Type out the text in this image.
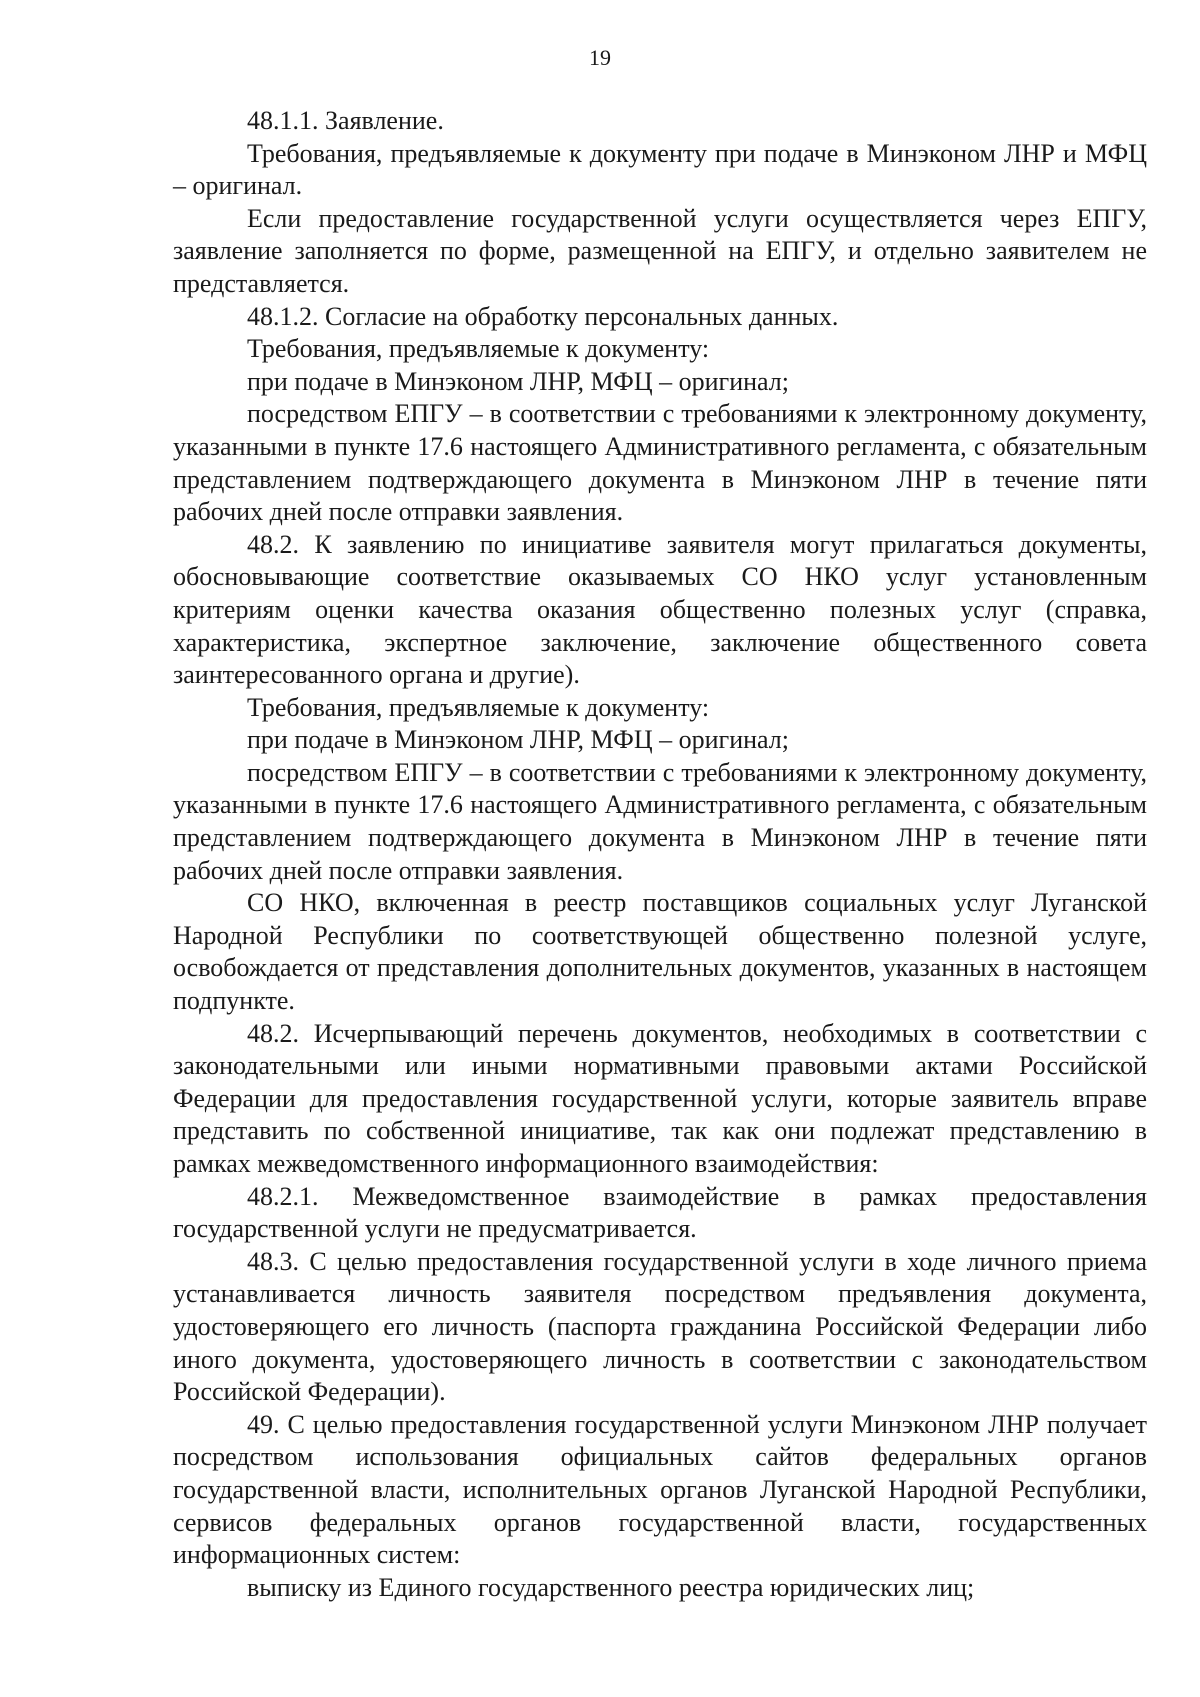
19

48.1.1. Заявление.

Требования, предъявляемые к документу при подаче в Минэконом ЛНР и МФЦ – оригинал.

Если предоставление государственной услуги осуществляется через ЕПГУ, заявление заполняется по форме, размещенной на ЕПГУ, и отдельно заявителем не представляется.

48.1.2. Согласие на обработку персональных данных.

Требования, предъявляемые к документу:

при подаче в Минэконом ЛНР, МФЦ – оригинал;

посредством ЕПГУ – в соответствии с требованиями к электронному документу, указанными в пункте 17.6 настоящего Административного регламента, с обязательным представлением подтверждающего документа в Минэконом ЛНР в течение пяти рабочих дней после отправки заявления.

48.2. К заявлению по инициативе заявителя могут прилагаться документы, обосновывающие соответствие оказываемых СО НКО услуг установленным критериям оценки качества оказания общественно полезных услуг (справка, характеристика, экспертное заключение, заключение общественного совета заинтересованного органа и другие).

Требования, предъявляемые к документу:

при подаче в Минэконом ЛНР, МФЦ – оригинал;

посредством ЕПГУ – в соответствии с требованиями к электронному документу, указанными в пункте 17.6 настоящего Административного регламента, с обязательным представлением подтверждающего документа в Минэконом ЛНР в течение пяти рабочих дней после отправки заявления.

СО НКО, включенная в реестр поставщиков социальных услуг Луганской Народной Республики по соответствующей общественно полезной услуге, освобождается от представления дополнительных документов, указанных в настоящем подпункте.

48.2. Исчерпывающий перечень документов, необходимых в соответствии с законодательными или иными нормативными правовыми актами Российской Федерации для предоставления государственной услуги, которые заявитель вправе представить по собственной инициативе, так как они подлежат представлению в рамках межведомственного информационного взаимодействия:

48.2.1. Межведомственное взаимодействие в рамках предоставления государственной услуги не предусматривается.

48.3. С целью предоставления государственной услуги в ходе личного приема устанавливается личность заявителя посредством предъявления документа, удостоверяющего его личность (паспорта гражданина Российской Федерации либо иного документа, удостоверяющего личность в соответствии с законодательством Российской Федерации).

49. С целью предоставления государственной услуги Минэконом ЛНР получает посредством использования официальных сайтов федеральных органов государственной власти, исполнительных органов Луганской Народной Республики, сервисов федеральных органов государственной власти, государственных информационных систем:

выписку из Единого государственного реестра юридических лиц;
